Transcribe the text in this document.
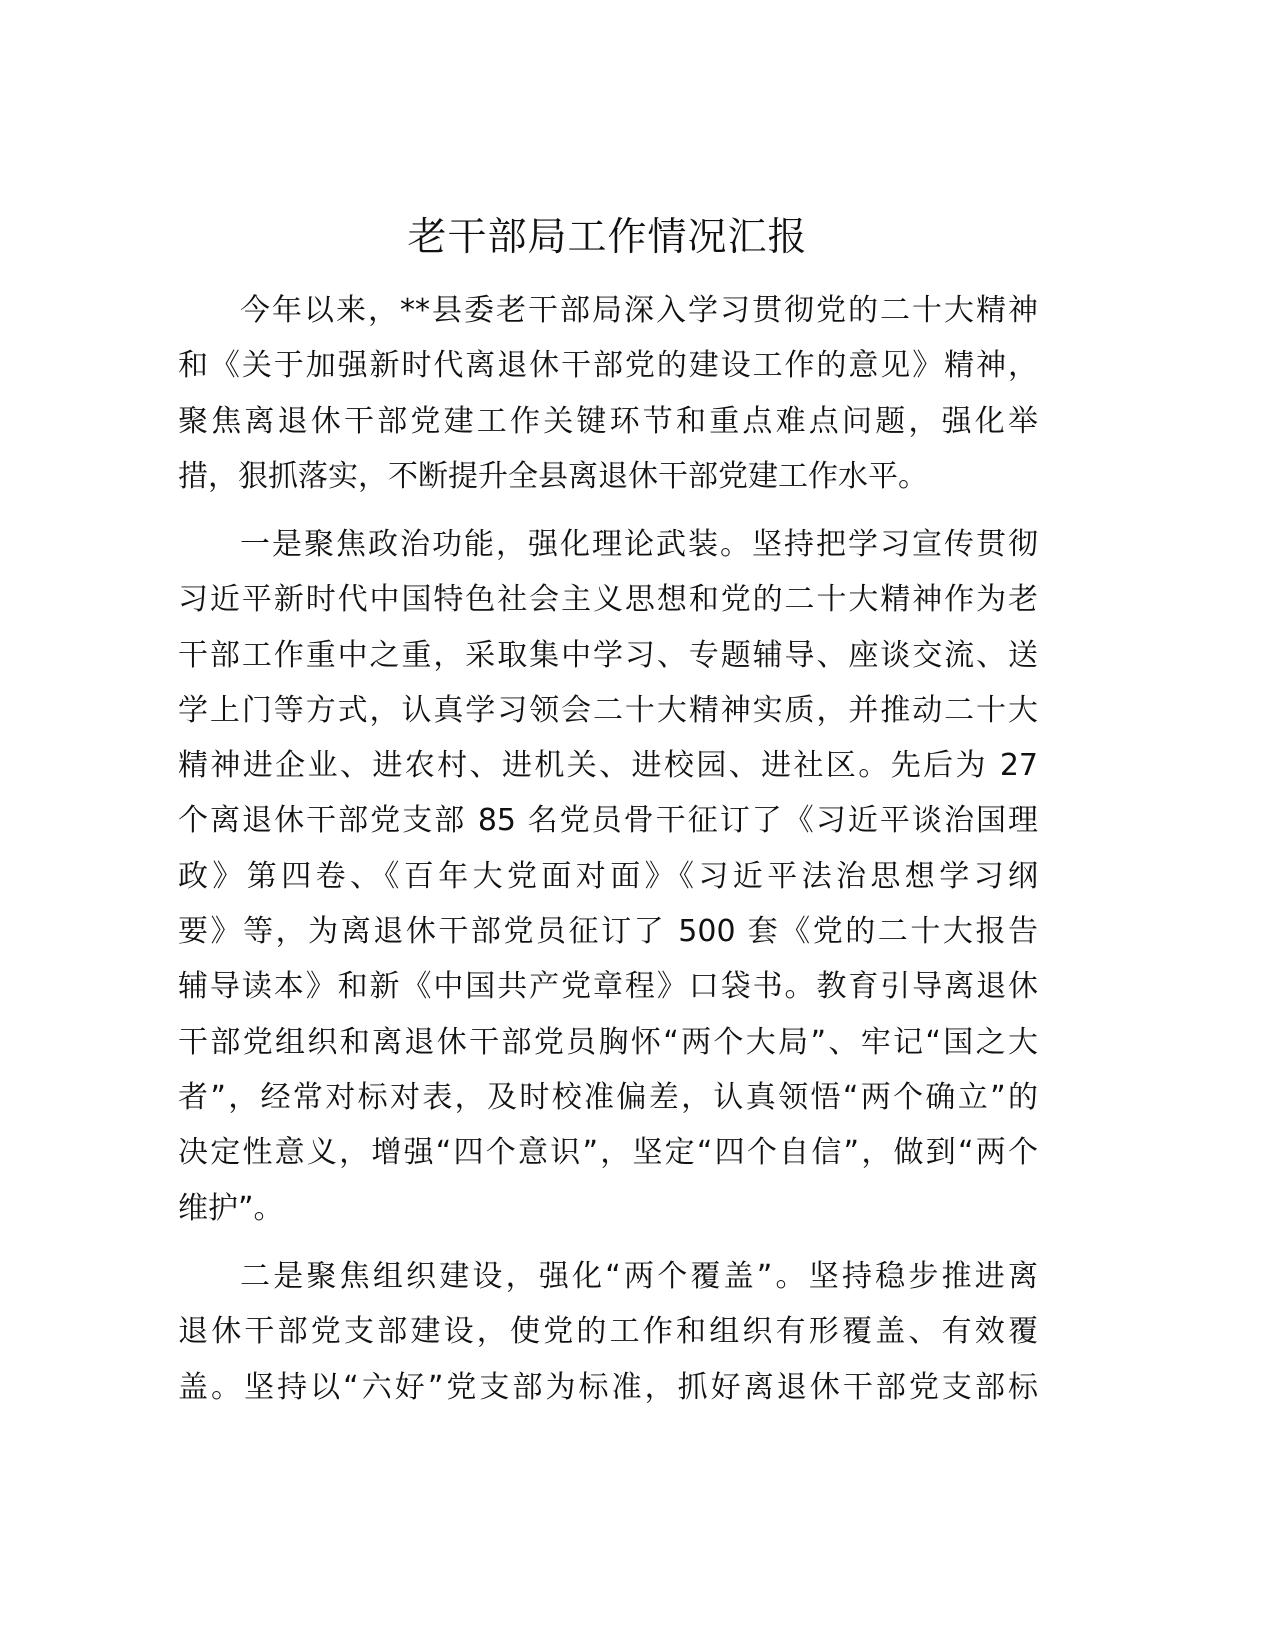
老干部局工作情况汇报

今年以来，**县委老干部局深入学习贯彻党的二十大精神
和《关于加强新时代离退休干部党的建设工作的意见》精神，
聚焦离退休干部党建工作关键环节和重点难点问题，强化举
措，狠抓落实，不断提升全县离退休干部党建工作水平。

一是聚焦政治功能，强化理论武装。坚持把学习宣传贯彻
习近平新时代中国特色社会主义思想和党的二十大精神作为老
干部工作重中之重，采取集中学习、专题辅导、座谈交流、送
学上门等方式，认真学习领会二十大精神实质，并推动二十大
精神进企业、进农村、进机关、进校园、进社区。先后为 27
个离退休干部党支部 85 名党员骨干征订了《习近平谈治国理
政》第四卷、《百年大党面对面》《习近平法治思想学习纲
要》等，为离退休干部党员征订了 500 套《党的二十大报告
辅导读本》和新《中国共产党章程》口袋书。教育引导离退休
干部党组织和离退休干部党员胸怀“两个大局”、牢记“国之大
者”，经常对标对表，及时校准偏差，认真领悟“两个确立”的
决定性意义，增强“四个意识”，坚定“四个自信”，做到“两个
维护”。

二是聚焦组织建设，强化“两个覆盖”。坚持稳步推进离
退休干部党支部建设，使党的工作和组织有形覆盖、有效覆
盖。坚持以“六好”党支部为标准，抓好离退休干部党支部标
